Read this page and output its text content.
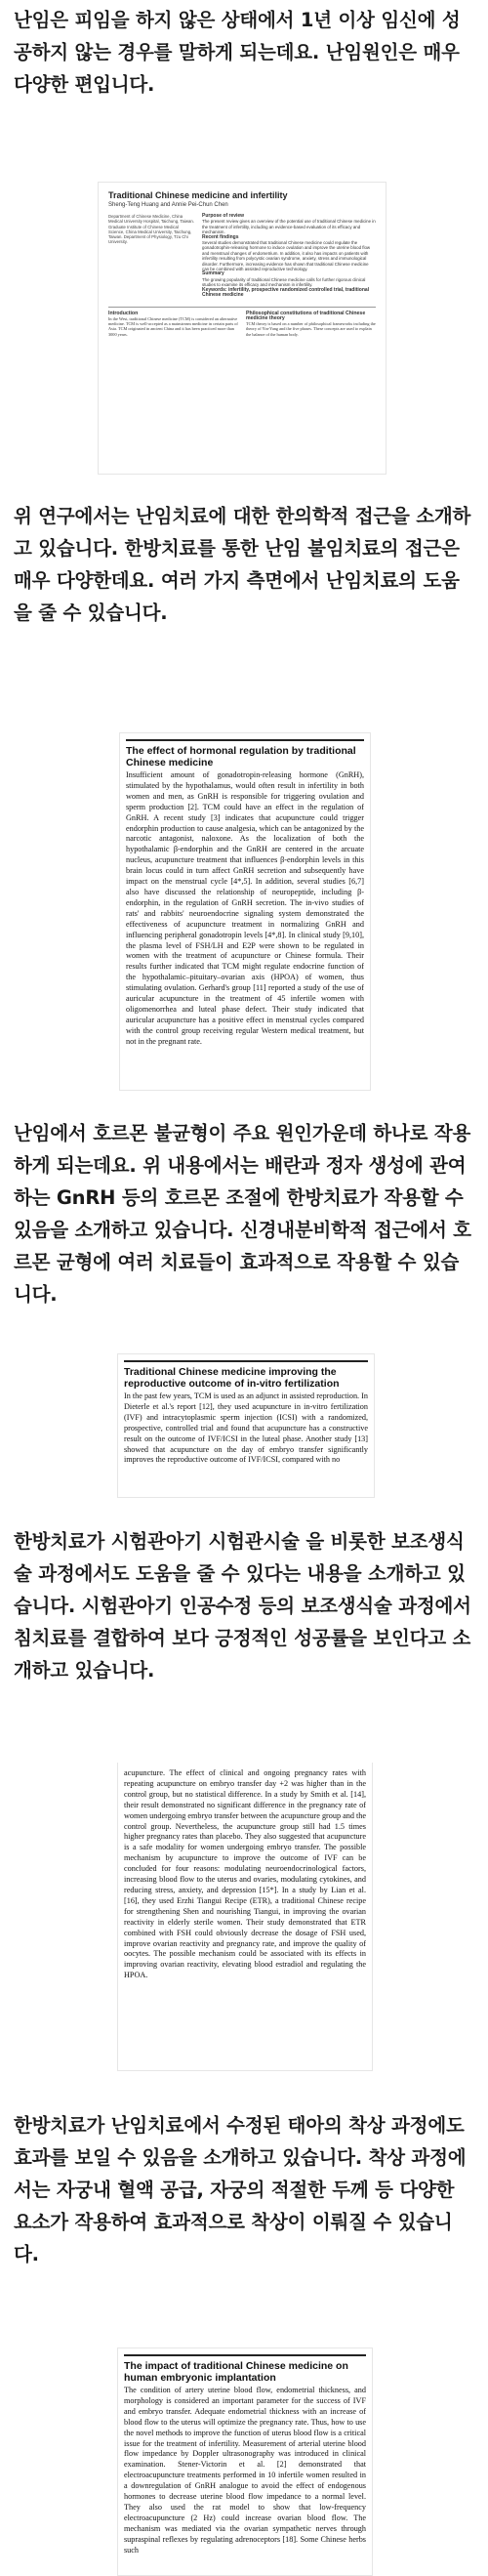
난임은 피임을 하지 않은 상태에서 1년 이상 임신에 성공하지 않는 경우를 말하게 되는데요. 난임원인은 매우 다양한 편입니다.
Traditional Chinese medicine and infertility
Sheng-Teng Huang and Annie Pei-Chun Chen
Department of Chinese Medicine, China Medical University Hospital, Taichung, Taiwan. Graduate Institute of Chinese Medical Science, China Medical University, Taichung, Taiwan. Department of Physiology, Tzu Chi University.
Purpose of review
The present review gives an overview of the potential use of traditional Chinese medicine in the treatment of infertility, including an evidence-based evaluation of its efficacy and mechanism.
Recent findings
Several studies demonstrated that traditional Chinese medicine could regulate the gonadotrophin-releasing hormone to induce ovulation and improve the uterine blood flow and menstrual changes of endometrium. In addition, it also has impacts on patients with infertility resulting from polycystic ovarian syndrome, anxiety, stress and immunological disorder. Furthermore, increasing evidence has shown that traditional Chinese medicine can be combined with assisted reproductive technology.
Summary
The growing popularity of traditional Chinese medicine calls for further rigorous clinical studies to examine its efficacy and mechanism in infertility.
Keywords: infertility, prospective randomized controlled trial, traditional Chinese medicine
Introduction
In the West, traditional Chinese medicine (TCM) is considered an alternative medicine. TCM is well-accepted as a mainstream medicine in certain parts of Asia. TCM originated in ancient China and it has been practiced more than 3000 years.
Philosophical constitutions of traditional Chinese medicine theory
TCM theory is based on a number of philosophical frameworks including the theory of Yin-Yang and the five phases. These concepts are used to explain the balance of the human body.
위 연구에서는 난임치료에 대한 한의학적 접근을 소개하고 있습니다. 한방치료를 통한 난임 불임치료의 접근은 매우 다양한데요. 여러 가지 측면에서 난임치료의 도움을 줄 수 있습니다.
The effect of hormonal regulation by traditional Chinese medicine

Insufficient amount of gonadotropin-releasing hormone (GnRH), stimulated by the hypothalamus, would often result in infertility in both women and men, as GnRH is responsible for triggering ovulation and sperm production [2]. TCM could have an effect in the regulation of GnRH. A recent study [3] indicates that acupuncture could trigger endorphin production to cause analgesia, which can be antagonized by the narcotic antagonist, naloxone. As the localization of both the hypothalamic β-endorphin and the GnRH are centered in the arcuate nucleus, acupuncture treatment that influences β-endorphin levels in this brain locus could in turn affect GnRH secretion and subsequently have impact on the menstrual cycle [4*,5]. In addition, several studies [6,7] also have discussed the relationship of neuropeptide, including β-endorphin, in the regulation of GnRH secretion. The in-vivo studies of rats' and rabbits' neuroendocrine signaling system demonstrated the effectiveness of acupuncture treatment in normalizing GnRH and influencing peripheral gonadotropin levels [4*,8]. In clinical study [9,10], the plasma level of FSH/LH and E2P were shown to be regulated in women with the treatment of acupuncture or Chinese formula. Their results further indicated that TCM might regulate endocrine function of the hypothalamic–pituitary–ovarian axis (HPOA) of women, thus stimulating ovulation. Gerhard's group [11] reported a study of the use of auricular acupuncture in the treatment of 45 infertile women with oligomenorrhea and luteal phase defect. Their study indicated that auricular acupuncture has a positive effect in menstrual cycles compared with the control group receiving regular Western medical treatment, but not in the pregnant rate.

난임에서 호르몬 불균형이 주요 원인가운데 하나로 작용하게 되는데요. 위 내용에서는 배란과 정자 생성에 관여하는 GnRH 등의 호르몬 조절에 한방치료가 작용할 수 있음을 소개하고 있습니다. 신경내분비학적 접근에서 호르몬 균형에 여러 치료들이 효과적으로 작용할 수 있습니다.
Traditional Chinese medicine improving the reproductive outcome of in-vitro fertilization

In the past few years, TCM is used as an adjunct in assisted reproduction. In Dieterle et al.'s report [12], they used acupuncture in in-vitro fertilization (IVF) and intracytoplasmic sperm injection (ICSI) with a randomized, prospective, controlled trial and found that acupuncture has a constructive result on the outcome of IVF/ICSI in the luteal phase. Another study [13] showed that acupuncture on the day of embryo transfer significantly improves the reproductive outcome of IVF/ICSI, compared with no

한방치료가 시험관아기 시험관시술 을 비롯한 보조생식술 과정에서도 도움을 줄 수 있다는 내용을 소개하고 있습니다. 시험관아기 인공수정 등의 보조생식술 과정에서 침치료를 결합하여 보다 긍정적인 성공률을 보인다고 소개하고 있습니다.

acupuncture. The effect of clinical and ongoing pregnancy rates with repeating acupuncture on embryo transfer day +2 was higher than in the control group, but no statistical difference. In a study by Smith et al. [14], their result demonstrated no significant difference in the pregnancy rate of women undergoing embryo transfer between the acupuncture group and the control group. Nevertheless, the acupuncture group still had 1.5 times higher pregnancy rates than placebo. They also suggested that acupuncture is a safe modality for women undergoing embryo transfer. The possible mechanism by acupuncture to improve the outcome of IVF can be concluded for four reasons: modulating neuroendocrinological factors, increasing blood flow to the uterus and ovaries, modulating cytokines, and reducing stress, anxiety, and depression [15*]. In a study by Lian et al. [16], they used Erzhi Tiangui Recipe (ETR), a traditional Chinese recipe for strengthening Shen and nourishing Tiangui, in improving the ovarian reactivity in elderly sterile women. Their study demonstrated that ETR combined with FSH could obviously decrease the dosage of FSH used, improve ovarian reactivity and pregnancy rate, and improve the quality of oocytes. The possible mechanism could be associated with its effects in improving ovarian reactivity, elevating blood estradiol and regulating the HPOA.

한방치료가 난임치료에서 수정된 태아의 착상 과정에도 효과를 보일 수 있음을 소개하고 있습니다. 착상 과정에서는 자궁내 혈액 공급, 자궁의 적절한 두께 등 다양한 요소가 작용하여 효과적으로 착상이 이뤄질 수 있습니다.
The impact of traditional Chinese medicine on human embryonic implantation

The condition of artery uterine blood flow, endometrial thickness, and morphology is considered an important parameter for the success of IVF and embryo transfer. Adequate endometrial thickness with an increase of blood flow to the uterus will optimize the pregnancy rate. Thus, how to use the novel methods to improve the function of uterus blood flow is a critical issue for the treatment of infertility. Measurement of arterial uterine blood flow impedance by Doppler ultrasonography was introduced in clinical examination. Stener-Victorin et al. [2] demonstrated that electroacupuncture treatments performed in 10 infertile women resulted in a downregulation of GnRH analogue to avoid the effect of endogenous hormones to decrease uterine blood flow impedance to a normal level. They also used the rat model to show that low-frequency electroacupuncture (2 Hz) could increase ovarian blood flow. The mechanism was mediated via the ovarian sympathetic nerves through supraspinal reflexes by regulating adrenoceptors [18]. Some Chinese herbs such
